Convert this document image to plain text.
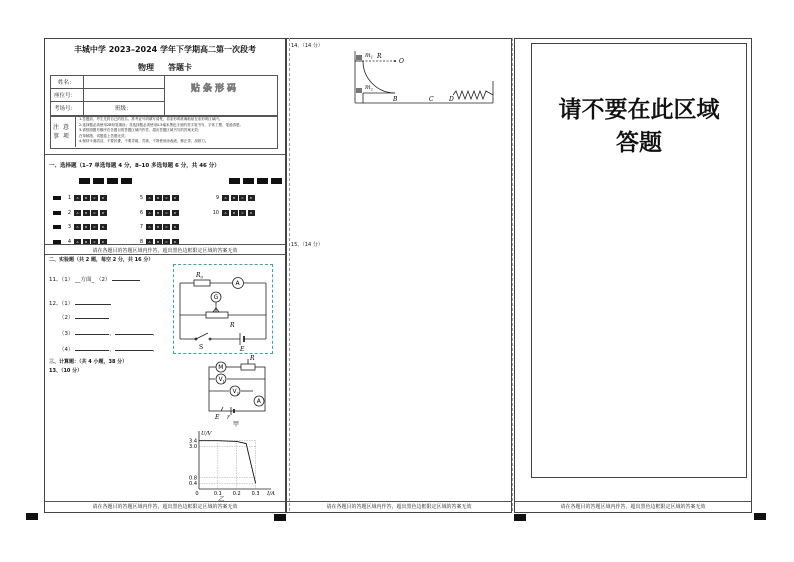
丰城中学 2023–2024 学年下学期高二第一次段考
物理 答题卡
姓名：
座位号：
考场号：	班级：
贴条形码
注 意
事 项
1.答题前，考生先将自己的姓名、准考证号码填写清楚，将条形码准确粘贴在条形码区域内。
2.选择题必须使用2B铅笔填涂；非选择题必须使用0.5毫米黑色字迹的签字笔书写，字体工整、笔迹清楚。
3.请按照题号顺序在各题目的答题区域内作答，超出答题区域书写的答案无效；
在草稿纸、试题卷上答题无效。
4.保持卡面清洁，不要折叠，不要弄破、弄皱，不准使用涂改液、修正带、刮纸刀。
一、选择题（1–7 单选每题 4 分，8–10 多选每题 6 分，共 46 分）
1 A B C D
2 A B C D
3 A B C D
4 A B C D
5 A B C D
6 A B C D
7 A B C D
8 A B C D
9 A B C D
10 A B C D
请在各题目的答题区域内作答，超出黑色边框限定区域的答案无效
二、实验题（共 2 题，每空 2 分，共 16 分）
11、（1） __方面_ （2）
12、（1）
（2）
（3）	，	，
（4）	，	，
$R_0$
A
G
R
S	E
三、计算题：（共 4 小题，38 分）
13、（10 分）	M
R
$V_1$
$V_2$
A
E r
甲
3.4
3.0
0.8
0.4
0	0.1 0.2 0.3
U/V
I/A
乙
请在各题目的答题区域内作答，超出黑色边框限定区域的答案无效
14、（14 分）
$m_1$ R
O
$m_2$
B	C	D
15、（14 分）
请在各题目的答题区域内作答，超出黑色边框限定区域的答案无效
请不要在此区域
答题
请在各题目的答题区域内作答，超出黑色边框限定区域的答案无效
